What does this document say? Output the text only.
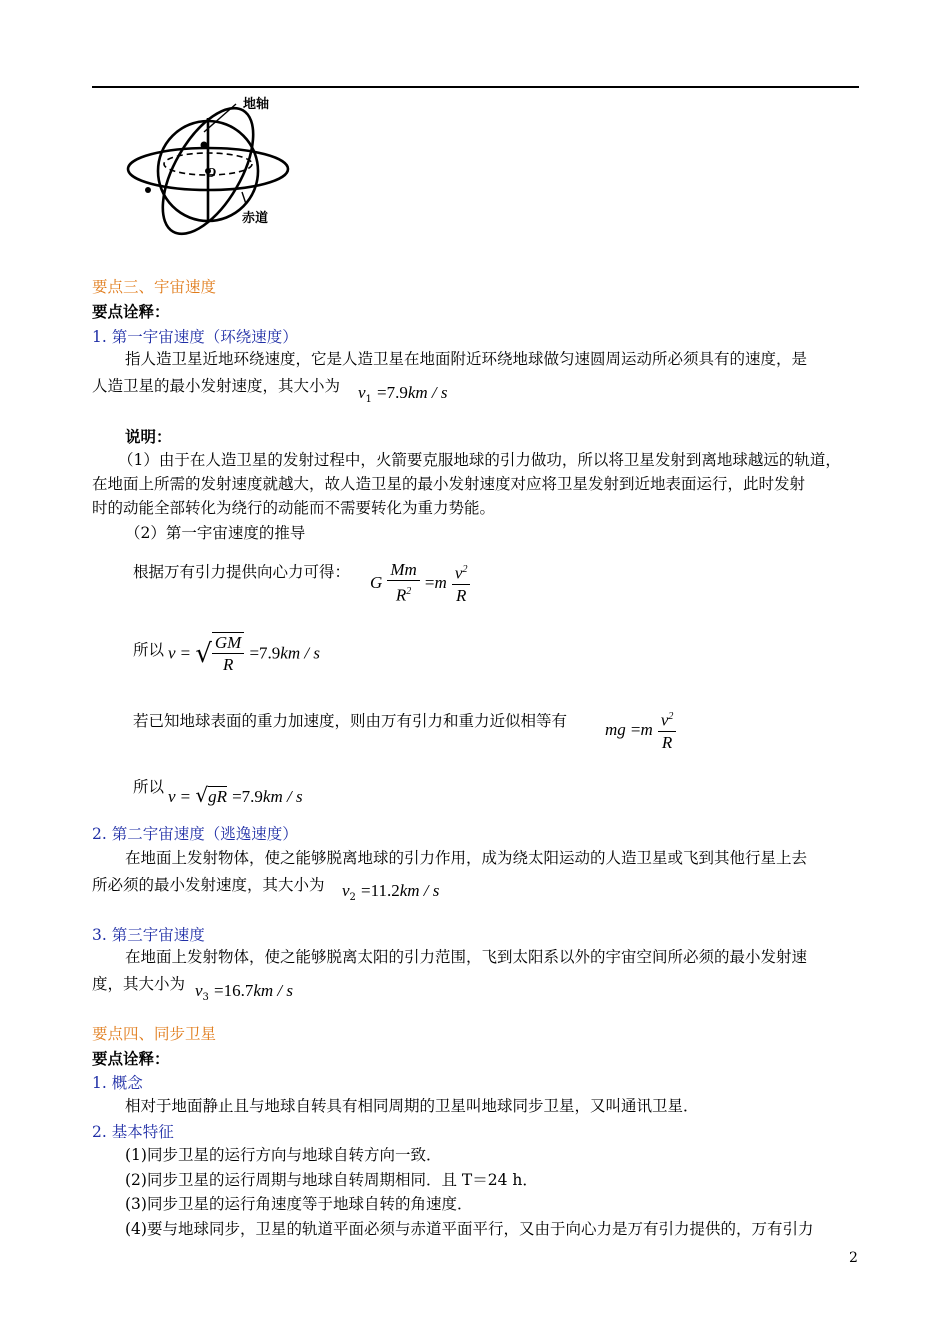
地轴
O
赤道
要点三、宇宙速度
要点诠释：
1. 第一宇宙速度（环绕速度）
指人造卫星近地环绕速度，它是人造卫星在地面附近环绕地球做匀速圆周运动所必须具有的速度，是
人造卫星的最小发射速度，其大小为 $v_1 =7.9km / s$
说明：
（1）由于在人造卫星的发射过程中，火箭要克服地球的引力做功，所以将卫星发射到离地球越远的轨道，
在地面上所需的发射速度就越大，故人造卫星的最小发射速度对应将卫星发射到近地表面运行，此时发射
时的动能全部转化为绕行的动能而不需要转化为重力势能。
（2）第一宇宙速度的推导
根据万有引力提供向心力可得：
G $\frac{Mm}{R^2} =m \frac{v^2}{R}$
所以 v = √ $\frac{GM}{R} =7.9km / s$
若已知地球表面的重力加速度，则由万有引力和重力近似相等有 mg $=m \frac{v^2}{R}$
所以 v = √gR =7.9km / s
2. 第二宇宙速度（逃逸速度）
在地面上发射物体，使之能够脱离地球的引力作用，成为绕太阳运动的人造卫星或飞到其他行星上去
所必须的最小发射速度，其大小为 $v_2 =11.2km / s$
3. 第三宇宙速度
在地面上发射物体，使之能够脱离太阳的引力范围，飞到太阳系以外的宇宙空间所必须的最小发射速
度，其大小为 $v_3 =16.7km / s$
要点四、同步卫星
要点诠释：
1. 概念
相对于地面静止且与地球自转具有相同周期的卫星叫地球同步卫星，又叫通讯卫星．
2. 基本特征
(1)同步卫星的运行方向与地球自转方向一致．
(2)同步卫星的运行周期与地球自转周期相同．且 T＝24 h．
(3)同步卫星的运行角速度等于地球自转的角速度．
(4)要与地球同步，卫星的轨道平面必须与赤道平面平行，又由于向心力是万有引力提供的，万有引力
2
